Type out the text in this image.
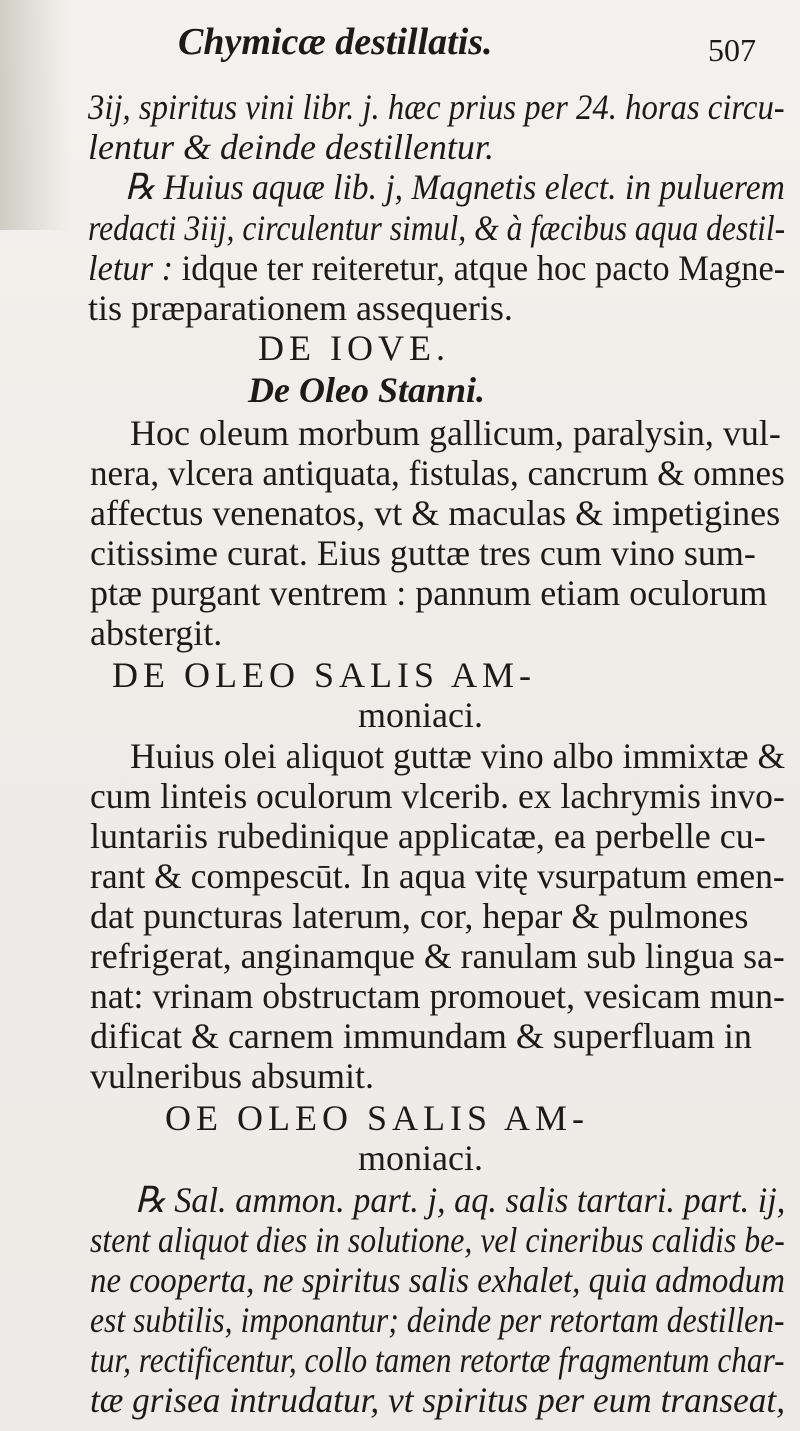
Chymicæ destillatis.	507
3ij, spiritus vini libr. j. hæc prius per 24. horas circu-
lentur & deinde destillentur.
℞ Huius aquæ lib. j, Magnetis elect. in puluerem
redacti 3iij, circulentur simul, & à fæcibus aqua destil-
letur : idque ter reiteretur, atque hoc pacto Magne-
tis præparationem assequeris.
DE IOVE.
De Oleo Stanni.
Hoc oleum morbum gallicum, paralysin, vul-
nera, vlcera antiquata, fistulas, cancrum & omnes
affectus venenatos, vt & maculas & impetigines
citissime curat. Eius guttæ tres cum vino sum-
ptæ purgant ventrem : pannum etiam oculorum
abstergit.
DE OLEO SALIS AM-
moniaci.
Huius olei aliquot guttæ vino albo immixtæ &
cum linteis oculorum vlcerib. ex lachrymis invo-
luntariis rubedinique applicatæ, ea perbelle cu-
rant & compescūt. In aqua vitę vsurpatum emen-
dat puncturas laterum, cor, hepar & pulmones
refrigerat, anginamque & ranulam sub lingua sa-
nat: vrinam obstructam promouet, vesicam mun-
dificat & carnem immundam & superfluam in
vulneribus absumit.
OE OLEO SALIS AM-
moniaci.
℞ Sal. ammon. part. j, aq. salis tartari. part. ij,
stent aliquot dies in solutione, vel cineribus calidis be-
ne cooperta, ne spiritus salis exhalet, quia admodum
est subtilis, imponantur; deinde per retortam destillen-
tur, rectificentur, collo tamen retortæ fragmentum char-
tæ grisea intrudatur, vt spiritus per eum transeat,
